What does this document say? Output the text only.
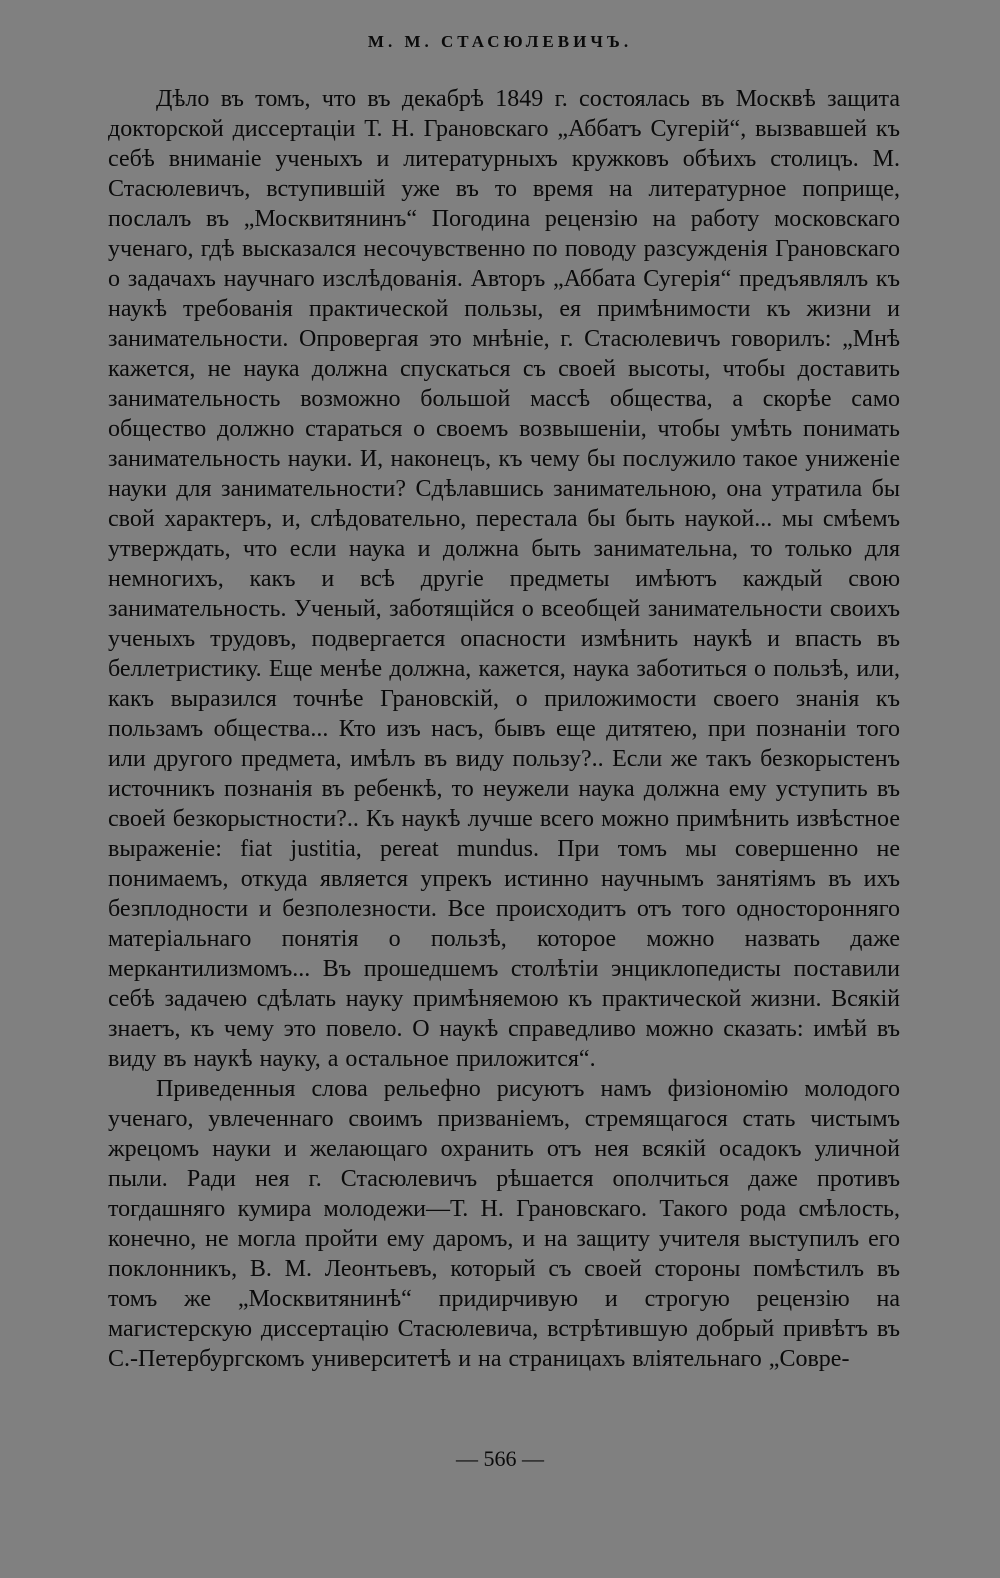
М. М. СТАСЮЛЕВИЧЪ.

Дѣло въ томъ, что въ декабрѣ 1849 г. состоялась въ Москвѣ защита докторской диссертацiи Т. Н. Грановскаго „Аббатъ Сугерій“, вызвавшей къ себѣ вниманіе ученыхъ и литературныхъ кружковъ обѣихъ столицъ. М. Стасюлевичъ, вступившій уже въ то время на литературное поприще, послалъ въ „Москвитянинъ“ Погодина рецензію на работу московскаго ученаго, гдѣ высказался несочувственно по поводу разсужденія Грановскаго о задачахъ научнаго изслѣдованія. Авторъ „Аббата Сугерія“ предъявлялъ къ наукѣ требованія практической пользы, ея примѣнимости къ жизни и занимательности. Опровергая это мнѣніе, г. Стасюлевичъ говорилъ: „Мнѣ кажется, не наука должна спускаться съ своей высоты, чтобы доставить занимательность возможно большой массѣ общества, а скорѣе само общество должно стараться о своемъ возвышеніи, чтобы умѣть понимать занимательность науки. И, наконецъ, къ чему бы послужило такое униженіе науки для занимательности? Сдѣлавшись занимательною, она утратила бы свой характеръ, и, слѣдовательно, перестала бы быть наукой... мы смѣемъ утверждать, что если наука и должна быть занимательна, то только для немногихъ, какъ и всѣ другіе предметы имѣютъ каждый свою занимательность. Ученый, заботящійся о всеобщей занимательности своихъ ученыхъ трудовъ, подвергается опасности измѣнить наукѣ и впасть въ беллетристику. Еще менѣе должна, кажется, наука заботиться о пользѣ, или, какъ выразился точнѣе Грановскій, о приложимости своего знанія къ пользамъ общества... Кто изъ насъ, бывъ еще дитятею, при познаніи того или другого предмета, имѣлъ въ виду пользу?.. Если же такъ безкорыстенъ источникъ познанія въ ребенкѣ, то неужели наука должна ему уступить въ своей безкорыстности?.. Къ наукѣ лучше всего можно примѣнить извѣстное выраженіе: fiat justitia, pereat mundus. При томъ мы совершенно не понимаемъ, откуда является упрекъ истинно научнымъ занятіямъ въ ихъ безплодности и безполезности. Все происходитъ отъ того односторонняго матеріальнаго понятія о пользѣ, которое можно назвать даже меркантилизмомъ... Въ прошедшемъ столѣтіи энциклопедисты поставили себѣ задачею сдѣлать науку примѣняемою къ практической жизни. Всякій знаетъ, къ чему это повело. О наукѣ справедливо можно сказать: имѣй въ виду въ наукѣ науку, а остальное приложится“.

Приведенныя слова рельефно рисуютъ намъ физіономію молодого ученаго, увлеченнаго своимъ призваніемъ, стремящагося стать чистымъ жрецомъ науки и желающаго охранить отъ нея всякій осадокъ уличной пыли. Ради нея г. Стасюлевичъ рѣшается ополчиться даже противъ тогдашняго кумира молодежи—Т. Н. Грановскаго. Такого рода смѣлость, конечно, не могла пройти ему даромъ, и на защиту учителя выступилъ его поклонникъ, В. М. Леонтьевъ, который съ своей стороны помѣстилъ въ томъ же „Москвитянинѣ“ придирчивую и строгую рецензію на магистерскую диссертацію Стасюлевича, встрѣтившую добрый привѣтъ въ С.-Петербургскомъ университетѣ и на страницахъ вліятельнаго „Совре-

— 566 —
